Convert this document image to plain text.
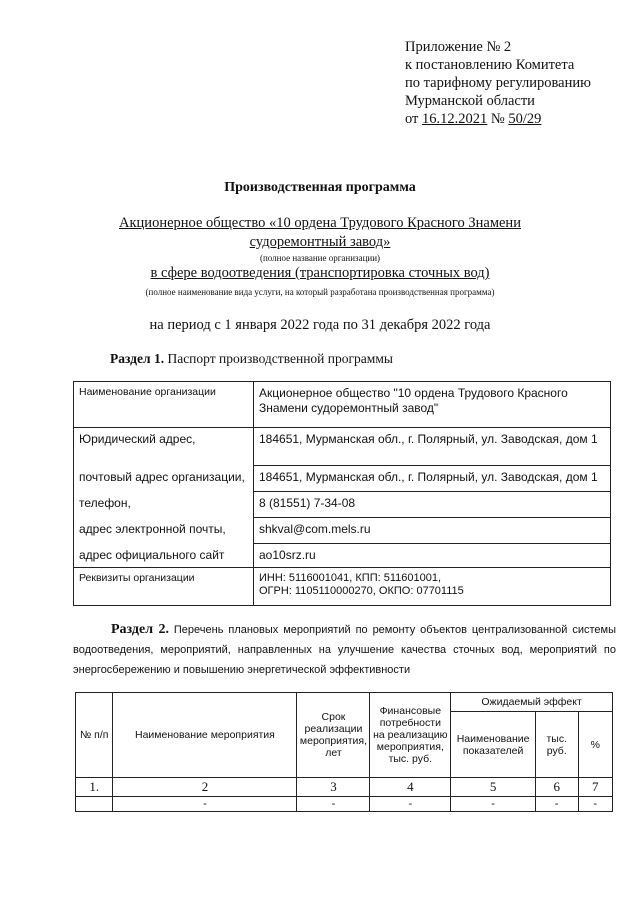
Приложение № 2
к постановлению Комитета
по тарифному регулированию
Мурманской области
от 16.12.2021 № 50/29
Производственная программа
Акционерное общество «10 ордена Трудового Красного Знамени
судоремонтный завод»
(полное название организации)
в сфере водоотведения (транспортировка сточных вод)
(полное наименование вида услуги, на который разработана производственная программа)
на период с 1 января 2022 года по 31 декабря 2022 года
Раздел 1. Паспорт производственной программы
Наименование организации	Акционерное общество "10 ордена Трудового Красного Знамени судоремонтный завод"
Юридический адрес,	184651, Мурманская обл., г. Полярный, ул. Заводская, дом 1
почтовый адрес организации,	184651, Мурманская обл., г. Полярный, ул. Заводская, дом 1
телефон,	8 (81551) 7-34-08
адрес электронной почты,	shkval@com.mels.ru
адрес официального сайт	ao10srz.ru
Реквизиты организации	ИНН: 5116001041, КПП: 511601001,
ОГРН: 1105110000270, ОКПО: 07701115
Раздел 2. Перечень плановых мероприятий по ремонту объектов централизованной системы водоотведения, мероприятий, направленных на улучшение качества сточных вод, мероприятий по энергосбережению и повышению энергетической эффективности
№ п/п	Наименование мероприятия	Срок реализации мероприятия, лет	Финансовые потребности на реализацию мероприятия, тыс. руб.	Ожидаемый эффект		
				Наименование показателей	тыс. руб.	%
1.	2	3	4	5	6	7
	-	-	-	-	-	-
